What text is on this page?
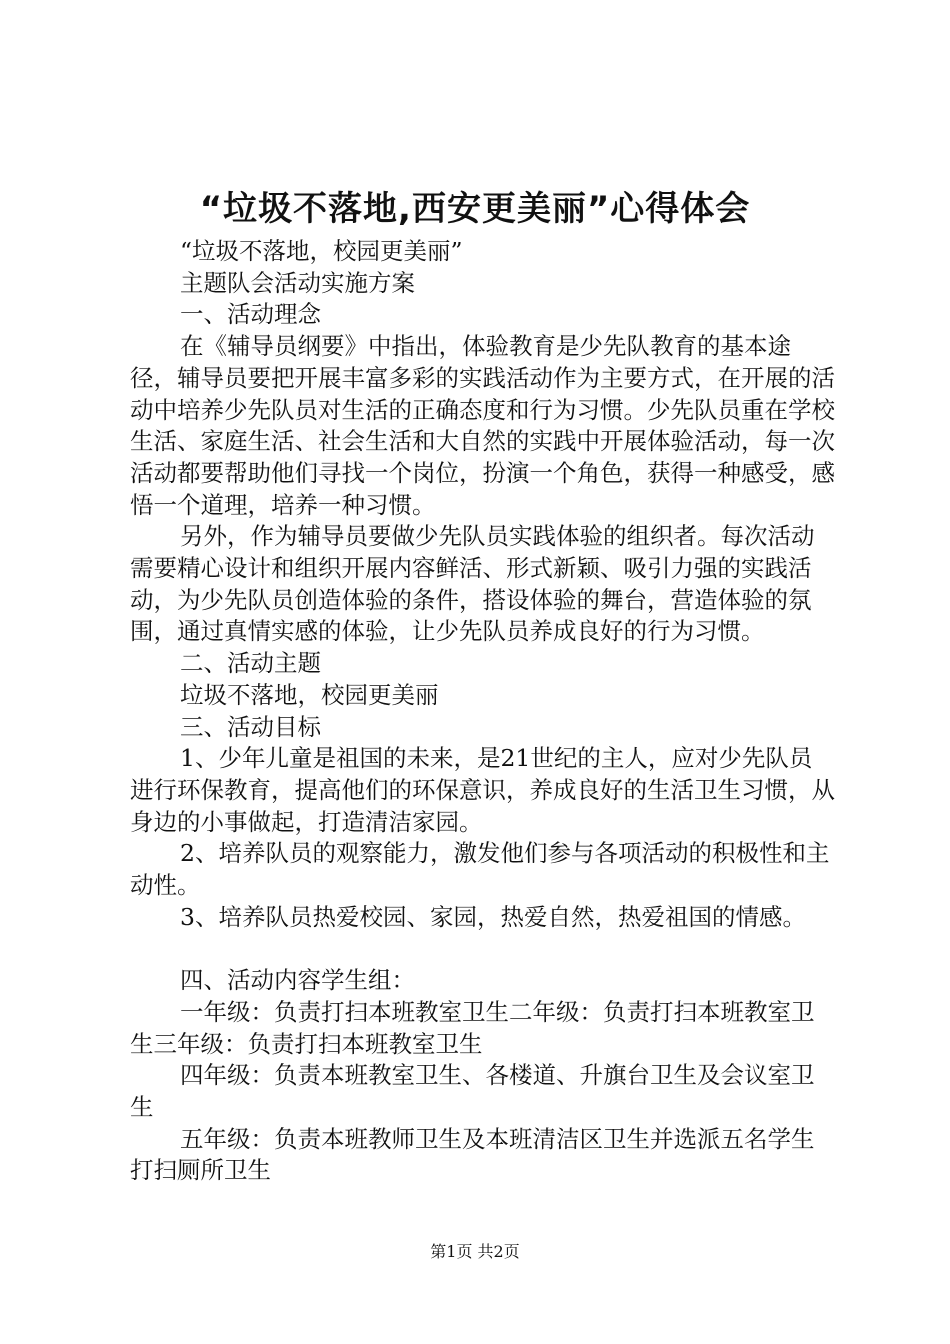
“垃圾不落地,西安更美丽”心得体会

“垃圾不落地，校园更美丽”

主题队会活动实施方案

一、活动理念

在《辅导员纲要》中指出，体验教育是少先队教育的基本途径，辅导员要把开展丰富多彩的实践活动作为主要方式，在开展的活动中培养少先队员对生活的正确态度和行为习惯。少先队员重在学校生活、家庭生活、社会生活和大自然的实践中开展体验活动，每一次活动都要帮助他们寻找一个岗位，扮演一个角色，获得一种感受，感悟一个道理，培养一种习惯。

另外，作为辅导员要做少先队员实践体验的组织者。每次活动需要精心设计和组织开展内容鲜活、形式新颖、吸引力强的实践活动，为少先队员创造体验的条件，搭设体验的舞台，营造体验的氛围，通过真情实感的体验，让少先队员养成良好的行为习惯。

二、活动主题

垃圾不落地，校园更美丽

三、活动目标

1、少年儿童是祖国的未来，是21世纪的主人，应对少先队员进行环保教育，提高他们的环保意识，养成良好的生活卫生习惯，从身边的小事做起，打造清洁家园。

2、培养队员的观察能力，激发他们参与各项活动的积极性和主动性。

3、培养队员热爱校园、家园，热爱自然，热爱祖国的情感。

四、活动内容学生组：

一年级：负责打扫本班教室卫生二年级：负责打扫本班教室卫生三年级：负责打扫本班教室卫生

四年级：负责本班教室卫生、各楼道、升旗台卫生及会议室卫生

五年级：负责本班教师卫生及本班清洁区卫生并选派五名学生打扫厕所卫生

第1页 共2页
